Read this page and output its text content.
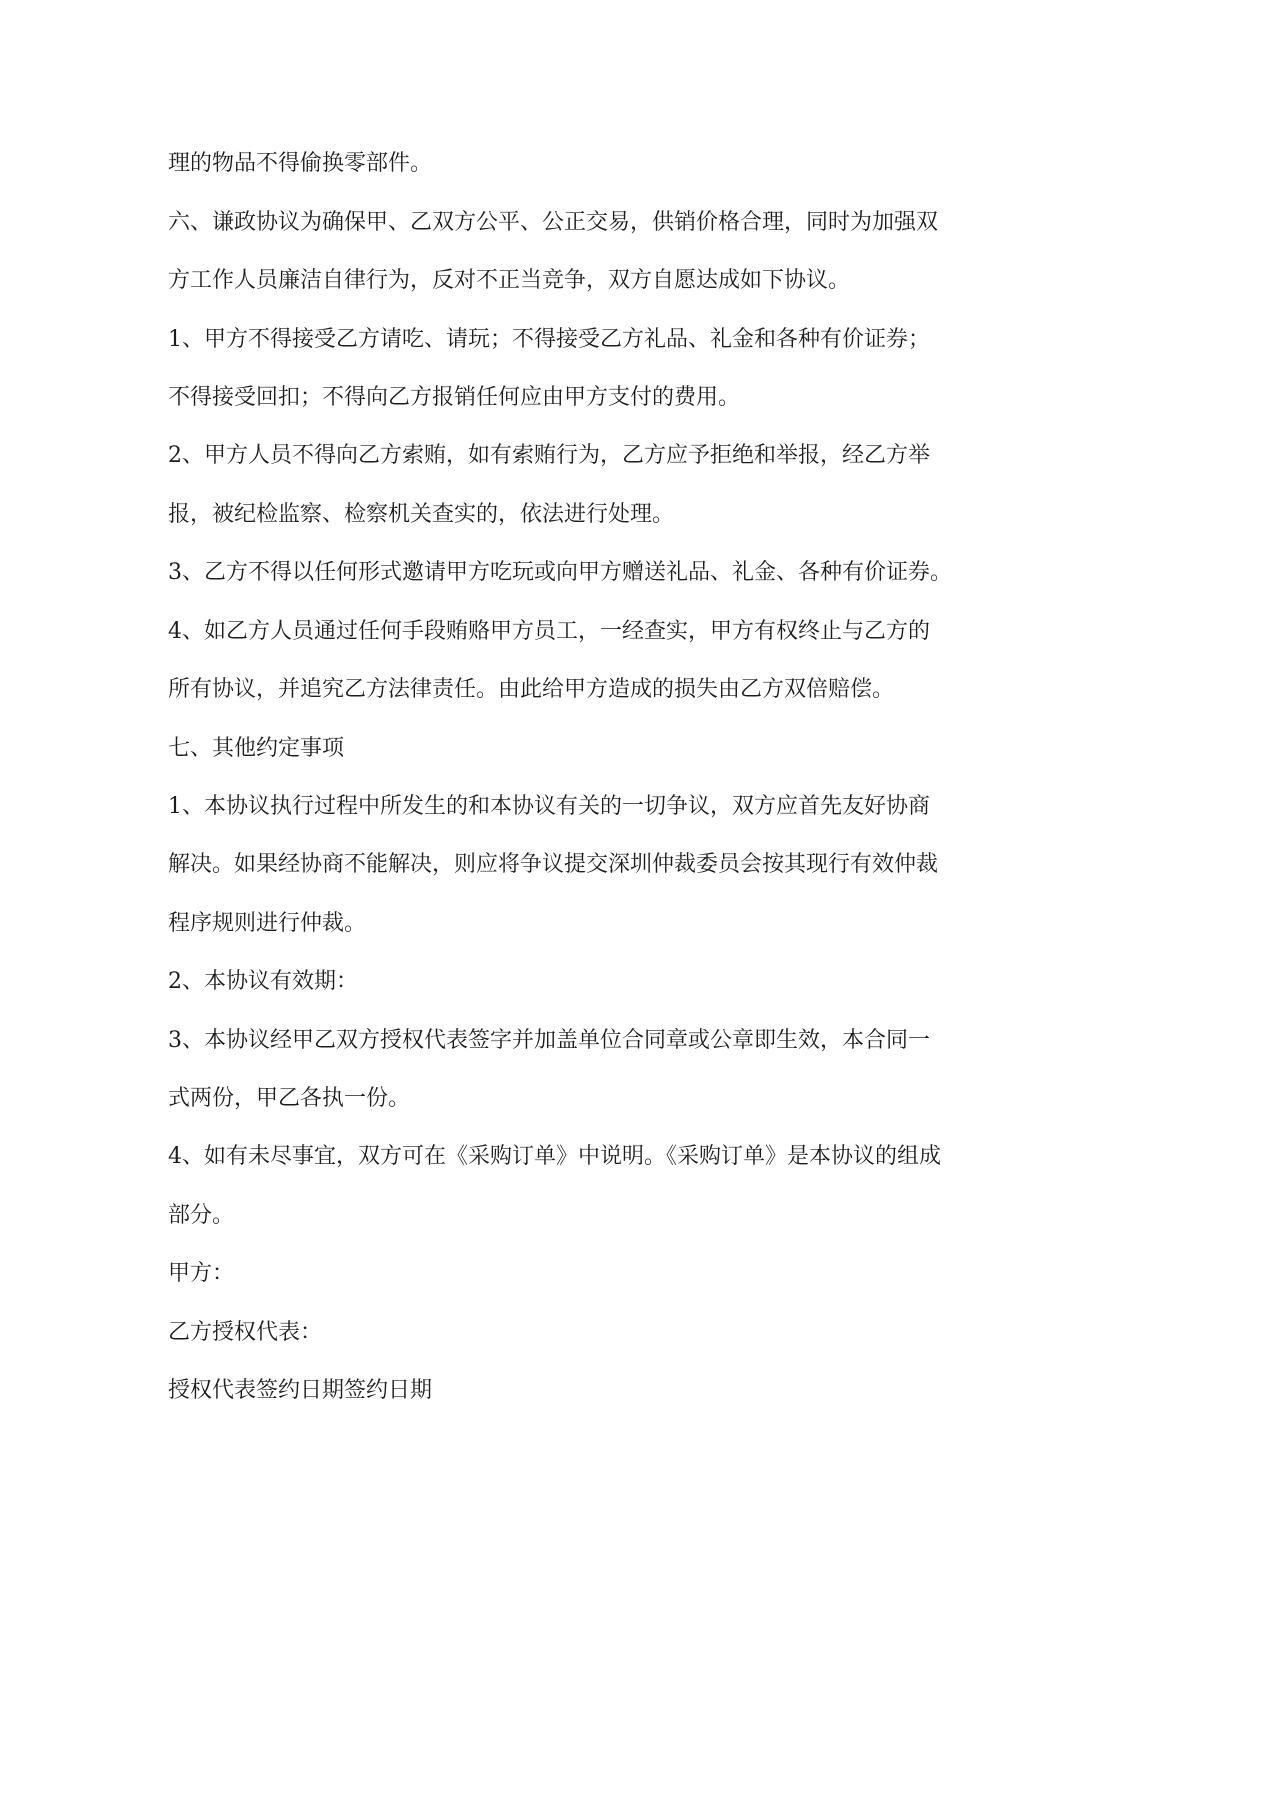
理的物品不得偷换零部件。

六、谦政协议为确保甲、乙双方公平、公正交易，供销价格合理，同时为加强双

方工作人员廉洁自律行为，反对不正当竞争，双方自愿达成如下协议。

1、甲方不得接受乙方请吃、请玩；不得接受乙方礼品、礼金和各种有价证券；

不得接受回扣；不得向乙方报销任何应由甲方支付的费用。

2、甲方人员不得向乙方索贿，如有索贿行为，乙方应予拒绝和举报，经乙方举

报，被纪检监察、检察机关查实的，依法进行处理。

3、乙方不得以任何形式邀请甲方吃玩或向甲方赠送礼品、礼金、各种有价证券。

4、如乙方人员通过任何手段贿赂甲方员工，一经查实，甲方有权终止与乙方的

所有协议，并追究乙方法律责任。由此给甲方造成的损失由乙方双倍赔偿。

七、其他约定事项

1、本协议执行过程中所发生的和本协议有关的一切争议，双方应首先友好协商

解决。如果经协商不能解决，则应将争议提交深圳仲裁委员会按其现行有效仲裁

程序规则进行仲裁。

2、本协议有效期：

3、本协议经甲乙双方授权代表签字并加盖单位合同章或公章即生效，本合同一

式两份，甲乙各执一份。

4、如有未尽事宜，双方可在《采购订单》中说明。《采购订单》是本协议的组成

部分。

甲方：

乙方授权代表：

授权代表签约日期签约日期
